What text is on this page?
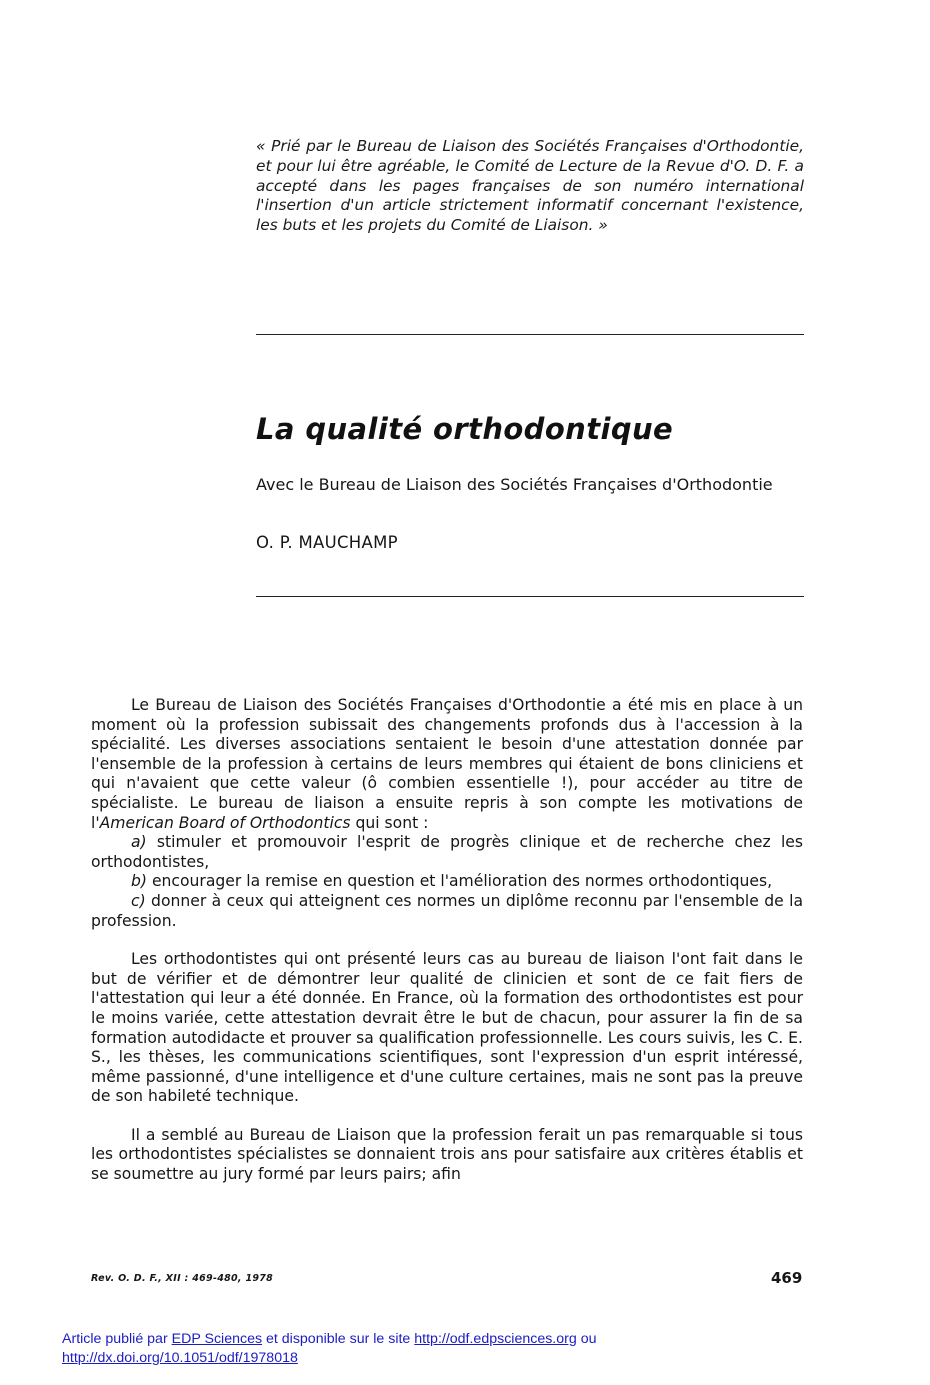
« Prié par le Bureau de Liaison des Sociétés Françaises d'Orthodontie, et pour lui être agréable, le Comité de Lecture de la Revue d'O. D. F. a accepté dans les pages françaises de son numéro international l'insertion d'un article strictement informatif concernant l'existence, les buts et les projets du Comité de Liaison. »
La qualité orthodontique
Avec le Bureau de Liaison des Sociétés Françaises d'Orthodontie
O. P. MAUCHAMP

Le Bureau de Liaison des Sociétés Françaises d'Orthodontie a été mis en place à un moment où la profession subissait des changements profonds dus à l'accession à la spécialité. Les diverses associations sentaient le besoin d'une attestation donnée par l'ensemble de la profession à certains de leurs membres qui étaient de bons cliniciens et qui n'avaient que cette valeur (ô combien essentielle !), pour accéder au titre de spécialiste. Le bureau de liaison a ensuite repris à son compte les motivations de l'American Board of Orthodontics qui sont :

a) stimuler et promouvoir l'esprit de progrès clinique et de recherche chez les orthodontistes,

b) encourager la remise en question et l'amélioration des normes orthodontiques,

c) donner à ceux qui atteignent ces normes un diplôme reconnu par l'ensemble de la profession.

Les orthodontistes qui ont présenté leurs cas au bureau de liaison l'ont fait dans le but de vérifier et de démontrer leur qualité de clinicien et sont de ce fait fiers de l'attestation qui leur a été donnée. En France, où la formation des orthodontistes est pour le moins variée, cette attestation devrait être le but de chacun, pour assurer la fin de sa formation autodidacte et prouver sa qualification professionnelle. Les cours suivis, les C. E. S., les thèses, les communications scientifiques, sont l'expression d'un esprit intéressé, même passionné, d'une intelligence et d'une culture certaines, mais ne sont pas la preuve de son habileté technique.

Il a semblé au Bureau de Liaison que la profession ferait un pas remarquable si tous les orthodontistes spécialistes se donnaient trois ans pour satisfaire aux critères établis et se soumettre au jury formé par leurs pairs; afin

Rev. O. D. F., XII : 469-480, 1978	469
Article publié par EDP Sciences et disponible sur le site http://odf.edpsciences.org ou
http://dx.doi.org/10.1051/odf/1978018
